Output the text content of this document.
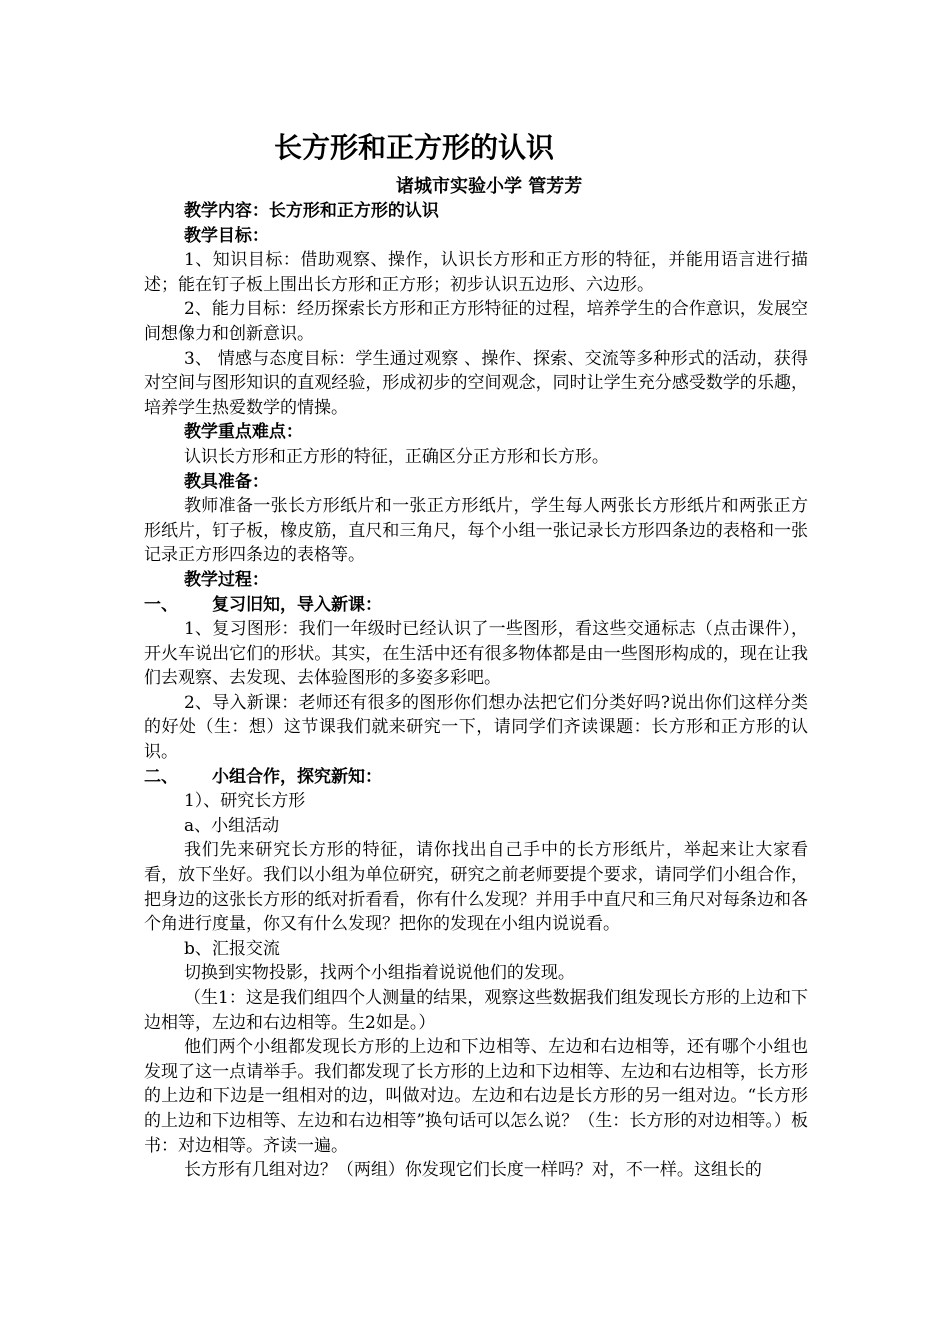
长方形和正方形的认识
诸城市实验小学 管芳芳

教学内容：长方形和正方形的认识

教学目标：

1、知识目标：借助观察、操作，认识长方形和正方形的特征，并能用语言进行描述；能在钉子板上围出长方形和正方形；初步认识五边形、六边形。

2、能力目标：经历探索长方形和正方形特征的过程，培养学生的合作意识，发展空间想像力和创新意识。

3、 情感与态度目标：学生通过观察 、操作、探索、交流等多种形式的活动，获得对空间与图形知识的直观经验，形成初步的空间观念，同时让学生充分感受数学的乐趣，培养学生热爱数学的情操。

教学重点难点：

认识长方形和正方形的特征，正确区分正方形和长方形。

教具准备：

教师准备一张长方形纸片和一张正方形纸片，学生每人两张长方形纸片和两张正方形纸片，钉子板，橡皮筋，直尺和三角尺，每个小组一张记录长方形四条边的表格和一张记录正方形四条边的表格等。

教学过程：

一、 复习旧知，导入新课：

1、复习图形：我们一年级时已经认识了一些图形，看这些交通标志（点击课件），开火车说出它们的形状。其实，在生活中还有很多物体都是由一些图形构成的，现在让我们去观察、去发现、去体验图形的多姿多彩吧。

2、导入新课：老师还有很多的图形你们想办法把它们分类好吗?说出你们这样分类的好处（生：想）这节课我们就来研究一下，请同学们齐读课题：长方形和正方形的认识。

二、 小组合作，探究新知：

1）、研究长方形

a、小组活动

我们先来研究长方形的特征，请你找出自己手中的长方形纸片，举起来让大家看看，放下坐好。我们以小组为单位研究，研究之前老师要提个要求，请同学们小组合作，把身边的这张长方形的纸对折看看，你有什么发现？并用手中直尺和三角尺对每条边和各个角进行度量，你又有什么发现？把你的发现在小组内说说看。

b、汇报交流

切换到实物投影，找两个小组指着说说他们的发现。

（生1：这是我们组四个人测量的结果，观察这些数据我们组发现长方形的上边和下边相等，左边和右边相等。生2如是。）

他们两个小组都发现长方形的上边和下边相等、左边和右边相等，还有哪个小组也发现了这一点请举手。我们都发现了长方形的上边和下边相等、左边和右边相等，长方形的上边和下边是一组相对的边，叫做对边。左边和右边是长方形的另一组对边。“长方形的上边和下边相等、左边和右边相等”换句话可以怎么说？（生：长方形的对边相等。）板书：对边相等。齐读一遍。

长方形有几组对边？（两组）你发现它们长度一样吗？对，不一样。这组长的
